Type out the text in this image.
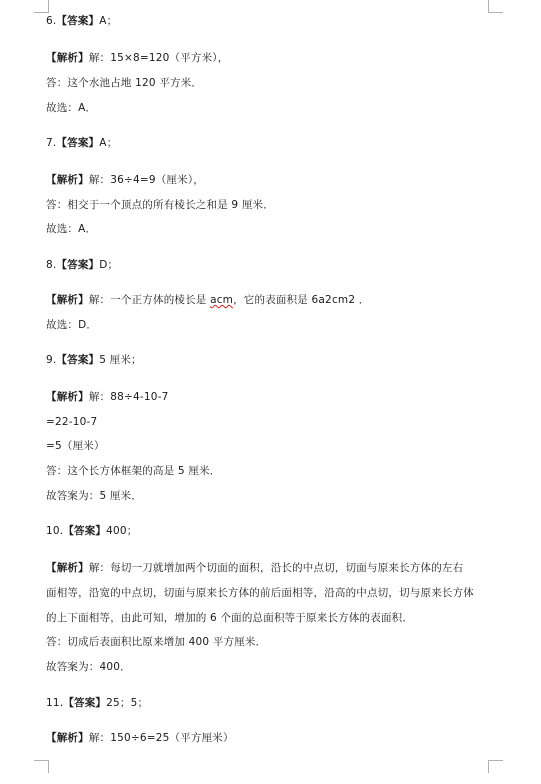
6.【答案】A；
【解析】解：15×8=120（平方米），
答：这个水池占地 120 平方米．
故选：A．
7.【答案】A；
【解析】解：36÷4=9（厘米），
答：相交于一个顶点的所有棱长之和是 9 厘米．
故选：A．
8.【答案】D；
【解析】解：一个正方体的棱长是 acm，它的表面积是 6a2cm2 ．
故选：D．
9.【答案】5 厘米；
【解析】解：88÷4-10-7
=22-10-7
=5（厘米）
答：这个长方体框架的高是 5 厘米．
故答案为：5 厘米．
10.【答案】400；
【解析】解：每切一刀就增加两个切面的面积，沿长的中点切，切面与原来长方体的左右
面相等，沿宽的中点切，切面与原来长方体的前后面相等，沿高的中点切，切与原来长方体
的上下面相等，由此可知，增加的 6 个面的总面积等于原来长方体的表面积．
答：切成后表面积比原来增加 400 平方厘米．
故答案为：400．
11.【答案】25；5；
【解析】解：150÷6=25（平方厘米）
